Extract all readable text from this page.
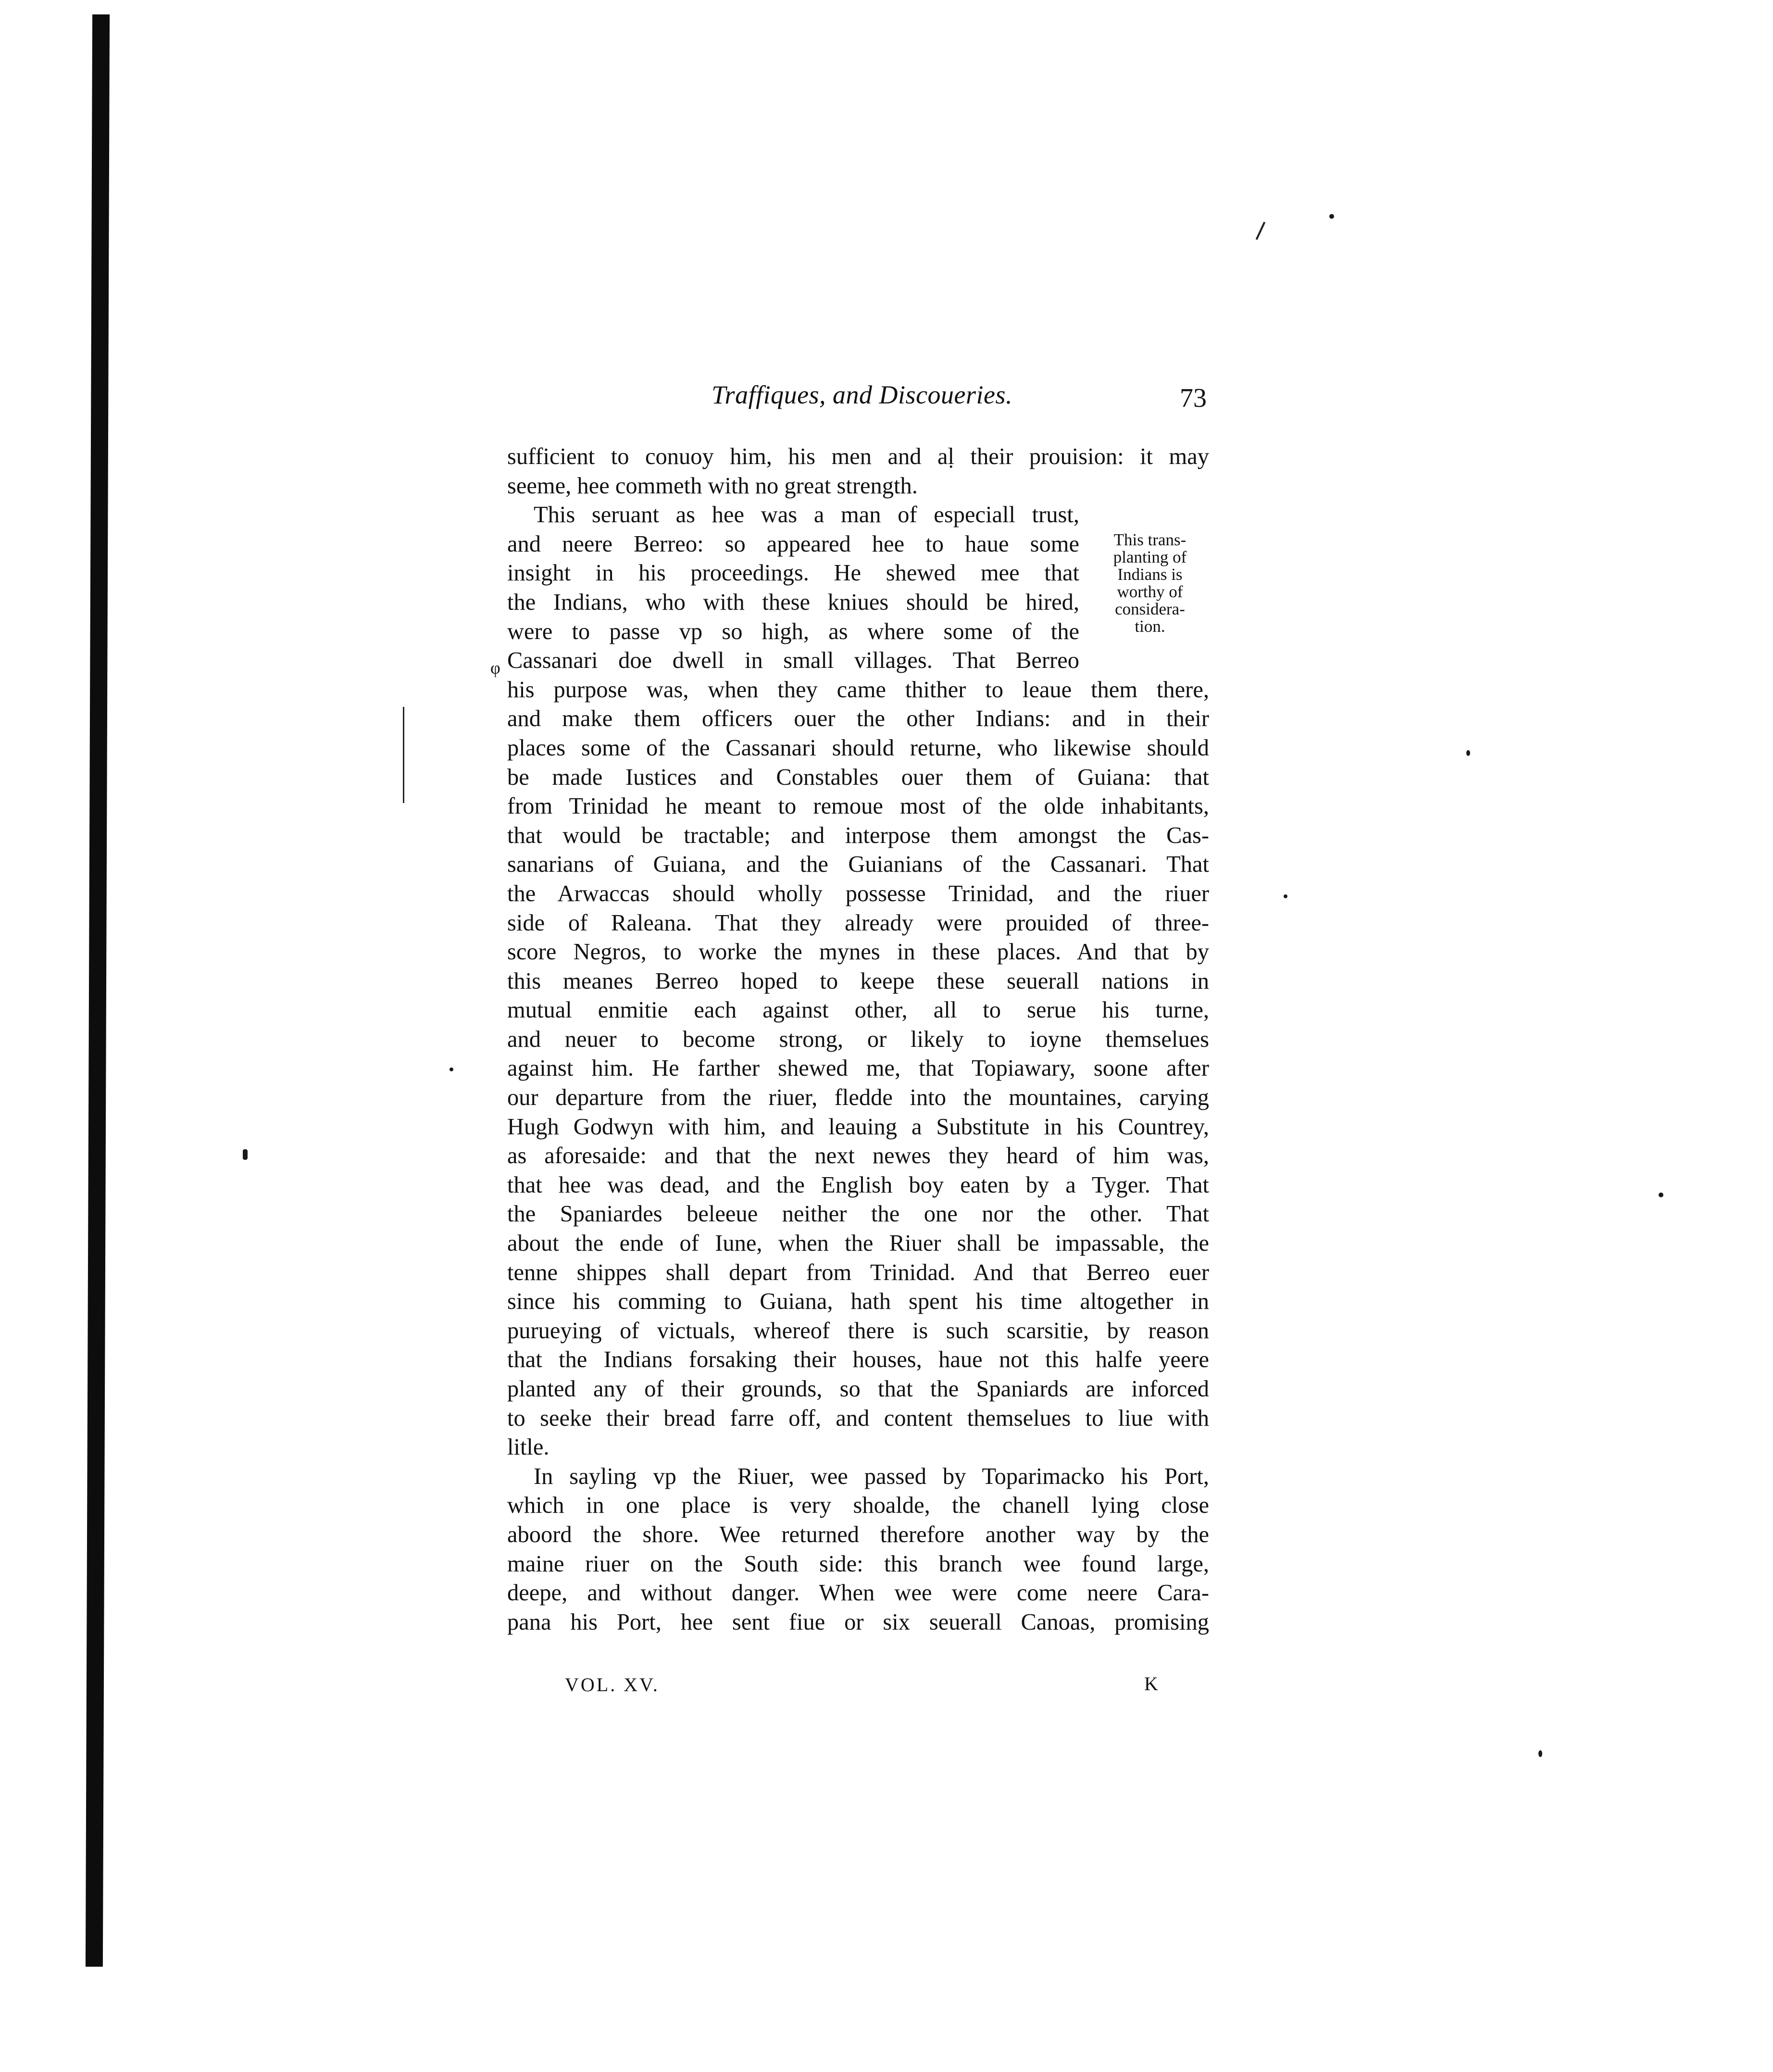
Traffiques, and Discoueries.	73
φ
sufficient to conuoy him, his men and aḷ their prouision: it may
seeme, hee commeth with no great strength.
This seruant as hee was a man of especiall trust,
and neere Berreo: so appeared hee to haue some
insight in his proceedings. He shewed mee that
the Indians, who with these kniues should be hired,
were to passe vp so high, as where some of the
Cassanari doe dwell in small villages. That Berreo
his purpose was, when they came thither to leaue them there,
and make them officers ouer the other Indians: and in their
places some of the Cassanari should returne, who likewise should
be made Iustices and Constables ouer them of Guiana: that
from Trinidad he meant to remoue most of the olde inhabitants,
that would be tractable; and interpose them amongst the Cas-
sanarians of Guiana, and the Guianians of the Cassanari. That
the Arwaccas should wholly possesse Trinidad, and the riuer
side of Raleana. That they already were prouided of three-
score Negros, to worke the mynes in these places. And that by
this meanes Berreo hoped to keepe these seuerall nations in
mutual enmitie each against other, all to serue his turne,
and neuer to become strong, or likely to ioyne themselues
against him. He farther shewed me, that Topiawary, soone after
our departure from the riuer, fledde into the mountaines, carying
Hugh Godwyn with him, and leauing a Substitute in his Countrey,
as aforesaide: and that the next newes they heard of him was,
that hee was dead, and the English boy eaten by a Tyger. That
the Spaniardes beleeue neither the one nor the other. That
about the ende of Iune, when the Riuer shall be impassable, the
tenne shippes shall depart from Trinidad. And that Berreo euer
since his comming to Guiana, hath spent his time altogether in
purueying of victuals, whereof there is such scarsitie, by reason
that the Indians forsaking their houses, haue not this halfe yeere
planted any of their grounds, so that the Spaniards are inforced
to seeke their bread farre off, and content themselues to liue with
litle.
In sayling vp the Riuer, wee passed by Toparimacko his Port,
which in one place is very shoalde, the chanell lying close
aboord the shore. Wee returned therefore another way by the
maine riuer on the South side: this branch wee found large,
deepe, and without danger. When wee were come neere Cara-
pana his Port, hee sent fiue or six seuerall Canoas, promising
This trans-
planting of
Indians is
worthy of
considera-
tion.
VOL. XV.	K
